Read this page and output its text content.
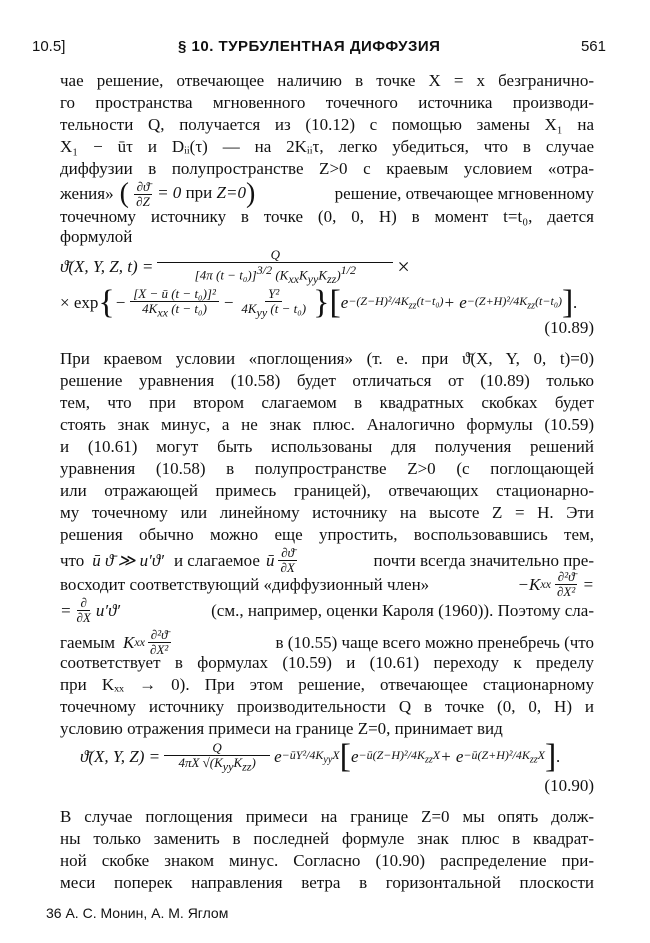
10.5]	§ 10. ТУРБУЛЕНТНАЯ ДИФФУЗИЯ	561
чае решение, отвечающее наличию в точке X = x безгранично-
го пространства мгновенного точечного источника производи-
тельности Q, получается из (10.12) с помощью замены X₁ на
X₁ − ūτ и Dᵢᵢ(τ) — на 2Kᵢᵢτ, легко убедиться, что в случае
диффузии в полупространстве Z>0 с краевым условием «отра-
жения» ( $\frac{\partial ϑ̄}{\partial Z} = 0$ при Z=0)	решение, отвечающее мгновенному
точечному источнику в точке (0, 0, H) в момент t=t₀, дается
формулой
ϑ̄(X, Y, Z, $t) = \frac{Q}{[4\pi (t - t_0)]^{3/2} (K_{xx}K_{yy}K_{zz})^{1/2}}$ ×
× exp { − $\frac{\text{[X − ū (t − t₀)]²}}{4K_{xx} (t - t_0)} - \frac{\text{Y²}}{4K_{yy} (t - t_0)}$ } [ $e -(Z-H)^2/4K_{zz}(t-t_0) + e -(Z+H)^2/4K_{zz}(t-t_0)$ ] .
(10.89)
При краевом условии «поглощения» (т. е. при ϑ̄(X, Y, 0, t)=0)
решение уравнения (10.58) будет отличаться от (10.89) только
тем, что при втором слагаемом в квадратных скобках будет
стоять знак минус, а не знак плюс. Аналогично формулы (10.59)
и (10.61) могут быть использованы для получения решений
уравнения (10.58) в полупространстве Z>0 (с поглощающей
или отражающей примесь границей), отвечающих стационарно-
му точечному или линейному источнику на высоте Z = H. Эти
решения обычно можно еще упростить, воспользовавшись тем,
что ū ϑ̄ ≫ u′ϑ′ и слагаемое ū $\frac{\partial ϑ̄}{\partial X}$	почти всегда значительно пре-
восходит соответствующий «диффузионный член»	−K xx $\frac{\text{∂²ϑ̄}}{\text{∂X²}}$ =
= $\frac{\partial}{\partial X} u'ϑ'$	(см., например, оценки Кароля (1960)). Поэтому сла-
гаемым K xx $\frac{\text{∂²ϑ̄}}{\text{∂X²}}$	в (10.55) чаще всего можно пренебречь (что
соответствует в формулах (10.59) и (10.61) переходу к пределу
при Kₓₓ → 0). При этом решение, отвечающее стационарному
точечному источнику производительности Q в точке (0, 0, H) и
условию отражения примеси на границе Z=0, принимает вид
ϑ̄(X, Y, $Z) = \frac{Q}{4\pi X √(K_{yy}K_{zz})}$ $e -ūY^2/4K_{yy}X$ [ $e -ū(Z-H)^2/4K_{zz}X + e$ $-ū(Z+H)^2/4K_{zz}X$ ] .
(10.90)
В случае поглощения примеси на границе Z=0 мы опять долж-
ны только заменить в последней формуле знак плюс в квадрат-
ной скобке знаком минус. Согласно (10.90) распределение при-
меси поперек направления ветра в горизонтальной плоскости
36 А. С. Монин, А. М. Яглом
